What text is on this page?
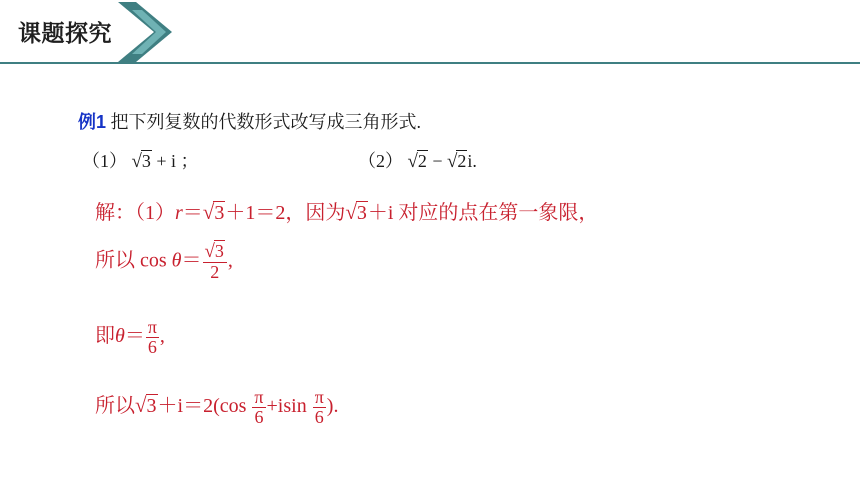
课题探究
例1 把下列复数的代数形式改写成三角形式.
（1） √3 + i ；	（2） √2 − √2i.
解：（1）r＝√3＋1＝2，因为√3＋i 对应的点在第一象限，
所以 $\cos \theta= \frac{√3}{2}$ ,
即$\theta= \frac{\pi}{6}$ ,
所以$√3+i=2(\cos \frac{\pi}{6} +isin \frac{\pi}{6}$ ).
